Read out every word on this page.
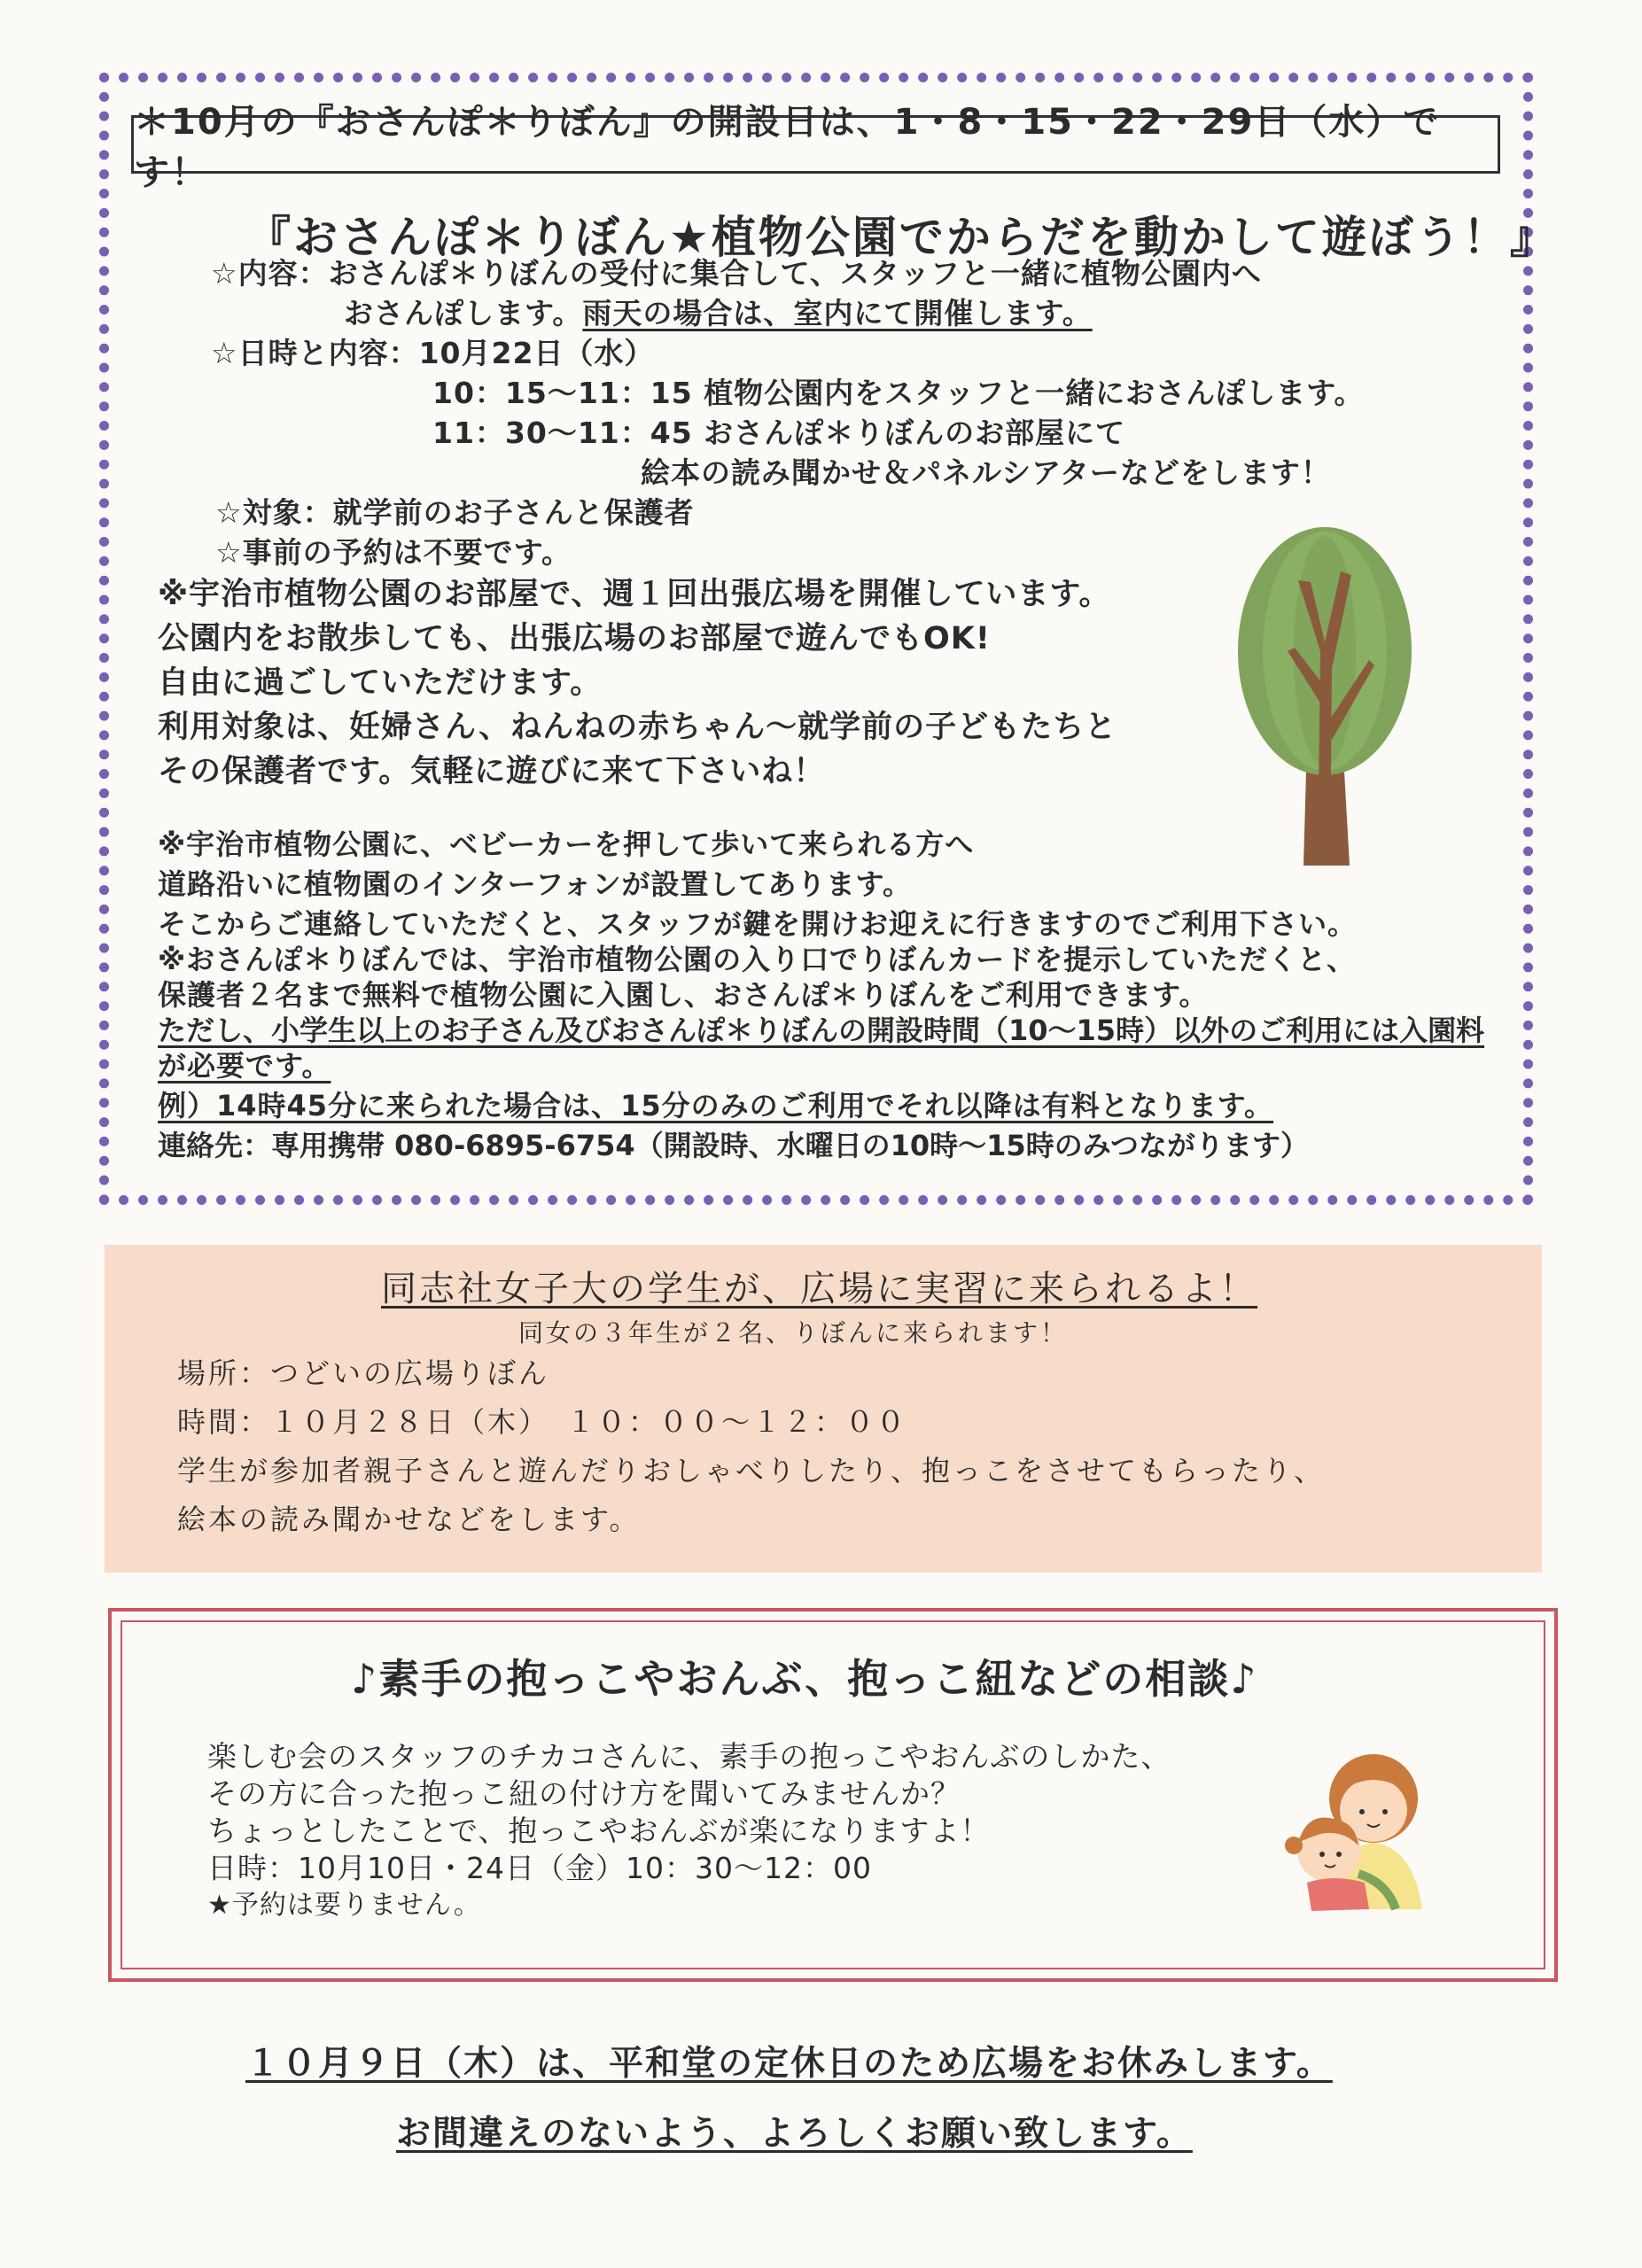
＊10月の『おさんぽ＊りぼん』の開設日は、1・8・15・22・29日（水）です！
『おさんぽ＊りぼん★植物公園でからだを動かして遊ぼう！』
☆内容：おさんぽ＊りぼんの受付に集合して、スタッフと一緒に植物公園内へ
おさんぽします。雨天の場合は、室内にて開催します。
☆日時と内容：10月22日（水）
10：15～11：15 植物公園内をスタッフと一緒におさんぽします。
11：30～11：45 おさんぽ＊りぼんのお部屋にて
絵本の読み聞かせ＆パネルシアターなどをします！
☆対象：就学前のお子さんと保護者
☆事前の予約は不要です。
※宇治市植物公園のお部屋で、週１回出張広場を開催しています。
公園内をお散歩しても、出張広場のお部屋で遊んでもOK!
自由に過ごしていただけます。
利用対象は、妊婦さん、ねんねの赤ちゃん～就学前の子どもたちと
その保護者です。気軽に遊びに来て下さいね！
※宇治市植物公園に、ベビーカーを押して歩いて来られる方へ
道路沿いに植物園のインターフォンが設置してあります。
そこからご連絡していただくと、スタッフが鍵を開けお迎えに行きますのでご利用下さい。
※おさんぽ＊りぼんでは、宇治市植物公園の入り口でりぼんカードを提示していただくと、
保護者２名まで無料で植物公園に入園し、おさんぽ＊りぼんをご利用できます。
ただし、小学生以上のお子さん及びおさんぽ＊りぼんの開設時間（10～15時）以外のご利用には入園料
が必要です。
例）14時45分に来られた場合は、15分のみのご利用でそれ以降は有料となります。
連絡先：専用携帯 080-6895-6754（開設時、水曜日の10時～15時のみつながります）
同志社女子大の学生が、広場に実習に来られるよ！
同女の３年生が２名、りぼんに来られます！
場所：つどいの広場りぼん
時間：１０月２８日（木）　１０：００～１２：００
学生が参加者親子さんと遊んだりおしゃべりしたり、抱っこをさせてもらったり、
絵本の読み聞かせなどをします。
♪素手の抱っこやおんぶ、抱っこ紐などの相談♪
楽しむ会のスタッフのチカコさんに、素手の抱っこやおんぶのしかた、
その方に合った抱っこ紐の付け方を聞いてみませんか？
ちょっとしたことで、抱っこやおんぶが楽になりますよ！
日時：10月10日・24日（金）10：30～12：00
★予約は要りません。
１０月９日（木）は、平和堂の定休日のため広場をお休みします。
お間違えのないよう、よろしくお願い致します。
